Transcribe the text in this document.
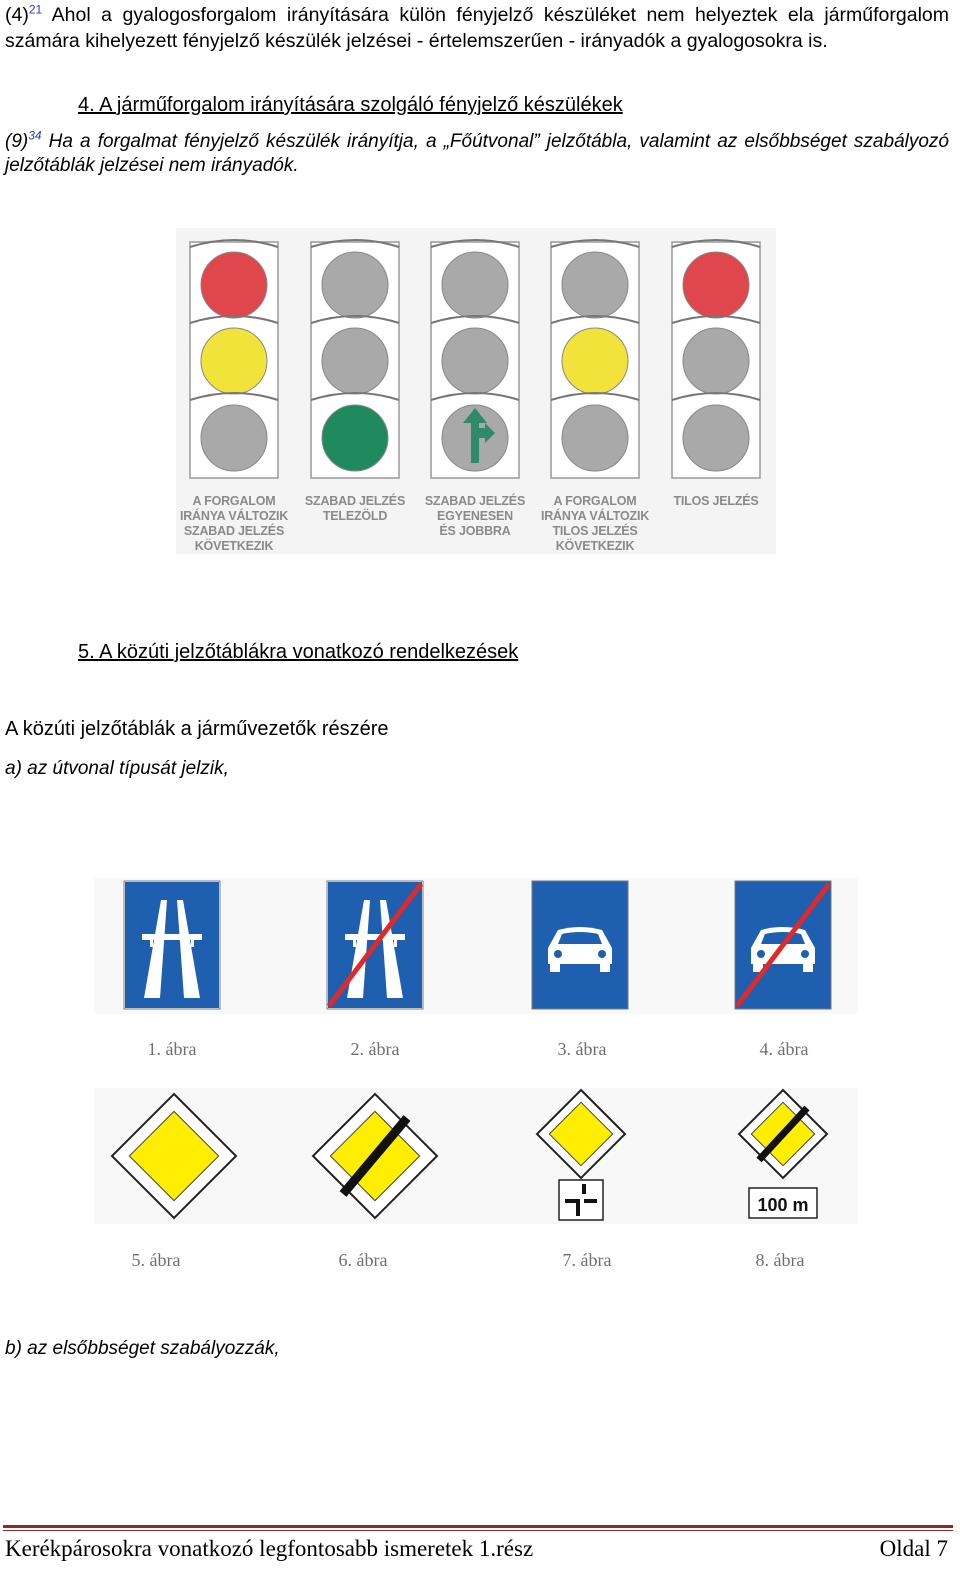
$(4)^{21}$ Ahol a gyalogosforgalom irányítására külön fényjelző készüléket nem helyeztek ela járműforgalom számára kihelyezett fényjelző készülék jelzései - értelemszerűen - irányadók a gyalogosokra is.
4. A járműforgalom irányítására szolgáló fényjelző készülékek
$(9)^{34}$ Ha a forgalmat fényjelző készülék irányítja, a „Főútvonal” jelzőtábla, valamint az elsőbbséget szabályozó jelzőtáblák jelzései nem irányadók.
A FORGALOM
IRÁNYA VÁLTOZIK
SZABAD JELZÉS
KÖVETKEZIK
SZABAD JELZÉS
TELEZÖLD
SZABAD JELZÉS
EGYENESEN
ÉS JOBBRA
A FORGALOM
IRÁNYA VÁLTOZIK
TILOS JELZÉS
KÖVETKEZIK
TILOS JELZÉS
5. A közúti jelzőtáblákra vonatkozó rendelkezések
A közúti jelzőtáblák a járművezetők részére
a) az útvonal típusát jelzik,
1. ábra	2. ábra	3. ábra	4. ábra
100 m
5. ábra	6. ábra	7. ábra	8. ábra
b) az elsőbbséget szabályozzák,
Kerékpárosokra vonatkozó legfontosabb ismeretek 1.rész	Oldal 7
